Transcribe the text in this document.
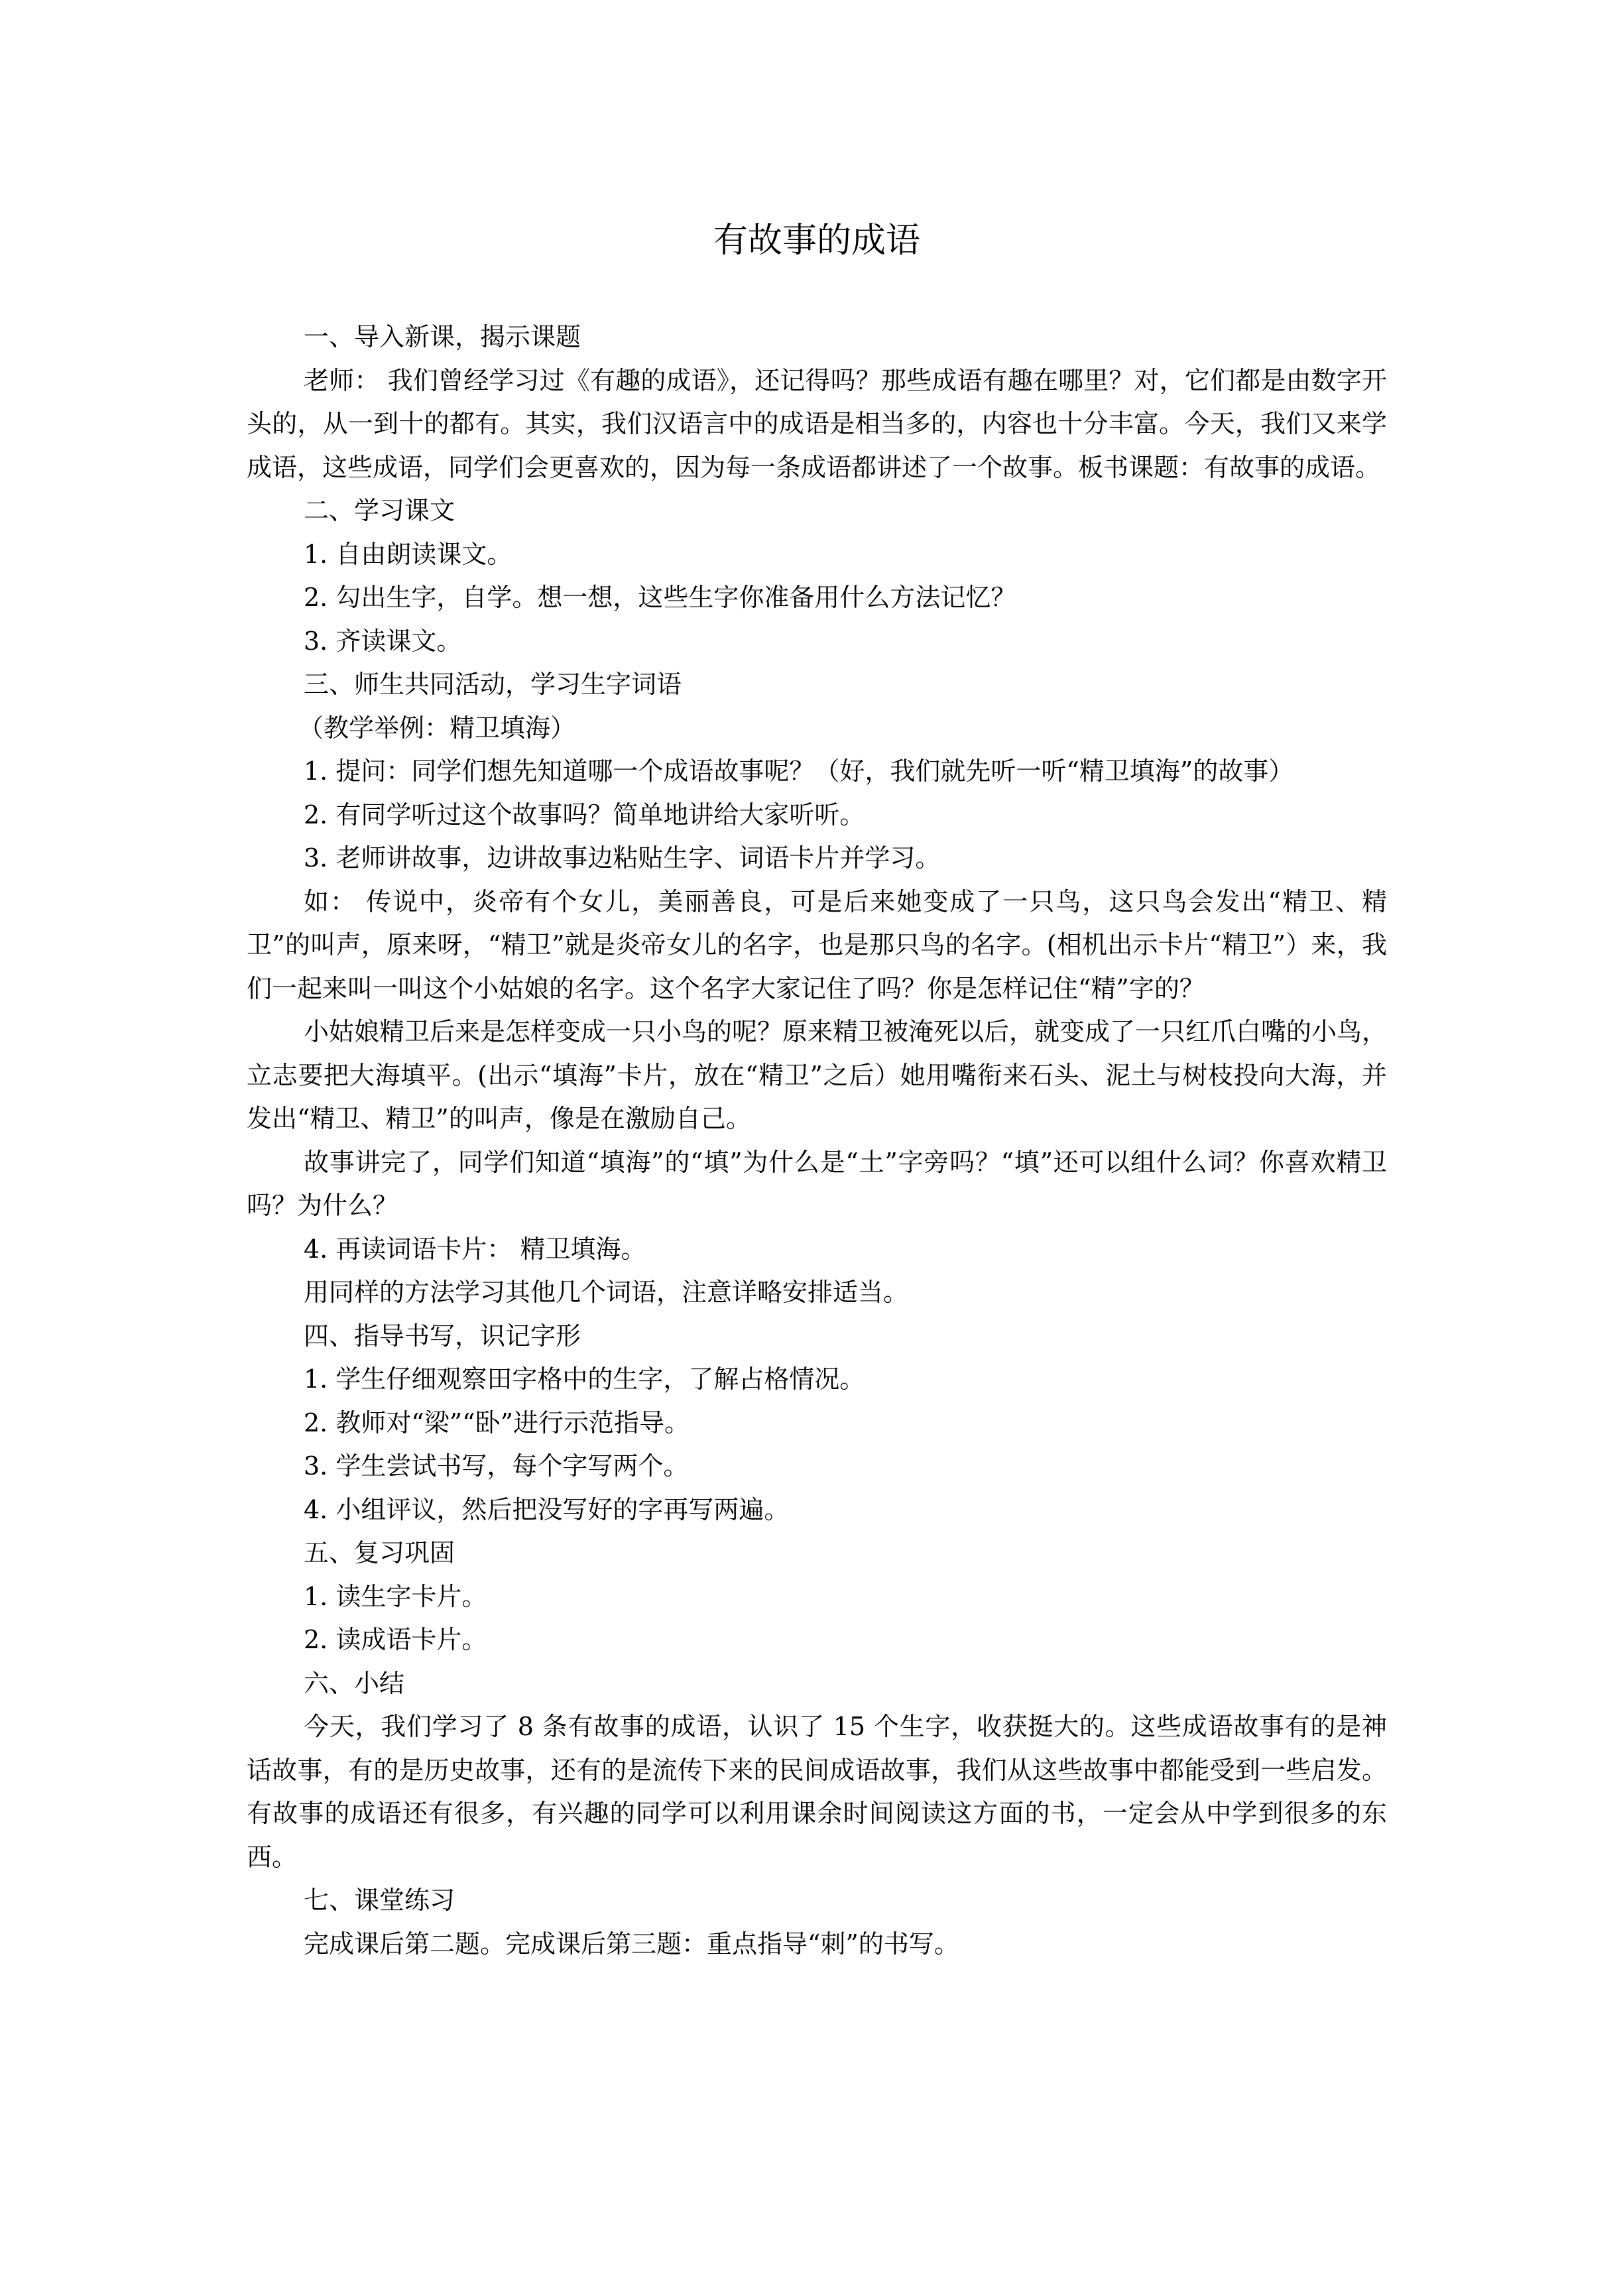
有故事的成语

一、导入新课，揭示课题

老师： 我们曾经学习过《有趣的成语》，还记得吗？那些成语有趣在哪里？对，它们都是由数字开头的，从一到十的都有。其实，我们汉语言中的成语是相当多的，内容也十分丰富。今天，我们又来学成语，这些成语，同学们会更喜欢的，因为每一条成语都讲述了一个故事。板书课题：有故事的成语。

二、学习课文

1. 自由朗读课文。

2. 勾出生字，自学。想一想，这些生字你准备用什么方法记忆？

3. 齐读课文。

三、师生共同活动，学习生字词语

（教学举例：精卫填海）

1. 提问：同学们想先知道哪一个成语故事呢？（好，我们就先听一听“精卫填海”的故事）

2. 有同学听过这个故事吗？简单地讲给大家听听。

3. 老师讲故事，边讲故事边粘贴生字、词语卡片并学习。

如： 传说中，炎帝有个女儿，美丽善良，可是后来她变成了一只鸟，这只鸟会发出“精卫、精卫”的叫声，原来呀，“精卫”就是炎帝女儿的名字，也是那只鸟的名字。(相机出示卡片“精卫”）来，我们一起来叫一叫这个小姑娘的名字。这个名字大家记住了吗？你是怎样记住“精”字的？

小姑娘精卫后来是怎样变成一只小鸟的呢？原来精卫被淹死以后，就变成了一只红爪白嘴的小鸟，立志要把大海填平。(出示“填海”卡片，放在“精卫”之后）她用嘴衔来石头、泥土与树枝投向大海，并发出“精卫、精卫”的叫声，像是在激励自己。

故事讲完了，同学们知道“填海”的“填”为什么是“土”字旁吗？“填”还可以组什么词？你喜欢精卫吗？为什么？

4. 再读词语卡片： 精卫填海。

用同样的方法学习其他几个词语，注意详略安排适当。

四、指导书写，识记字形

1. 学生仔细观察田字格中的生字，了解占格情况。

2. 教师对“梁”“卧”进行示范指导。

3. 学生尝试书写，每个字写两个。

4. 小组评议，然后把没写好的字再写两遍。

五、复习巩固

1. 读生字卡片。

2. 读成语卡片。

六、小结

今天，我们学习了 8 条有故事的成语，认识了 15 个生字，收获挺大的。这些成语故事有的是神话故事，有的是历史故事，还有的是流传下来的民间成语故事，我们从这些故事中都能受到一些启发。有故事的成语还有很多，有兴趣的同学可以利用课余时间阅读这方面的书，一定会从中学到很多的东西。

七、课堂练习

完成课后第二题。完成课后第三题：重点指导“刺”的书写。
